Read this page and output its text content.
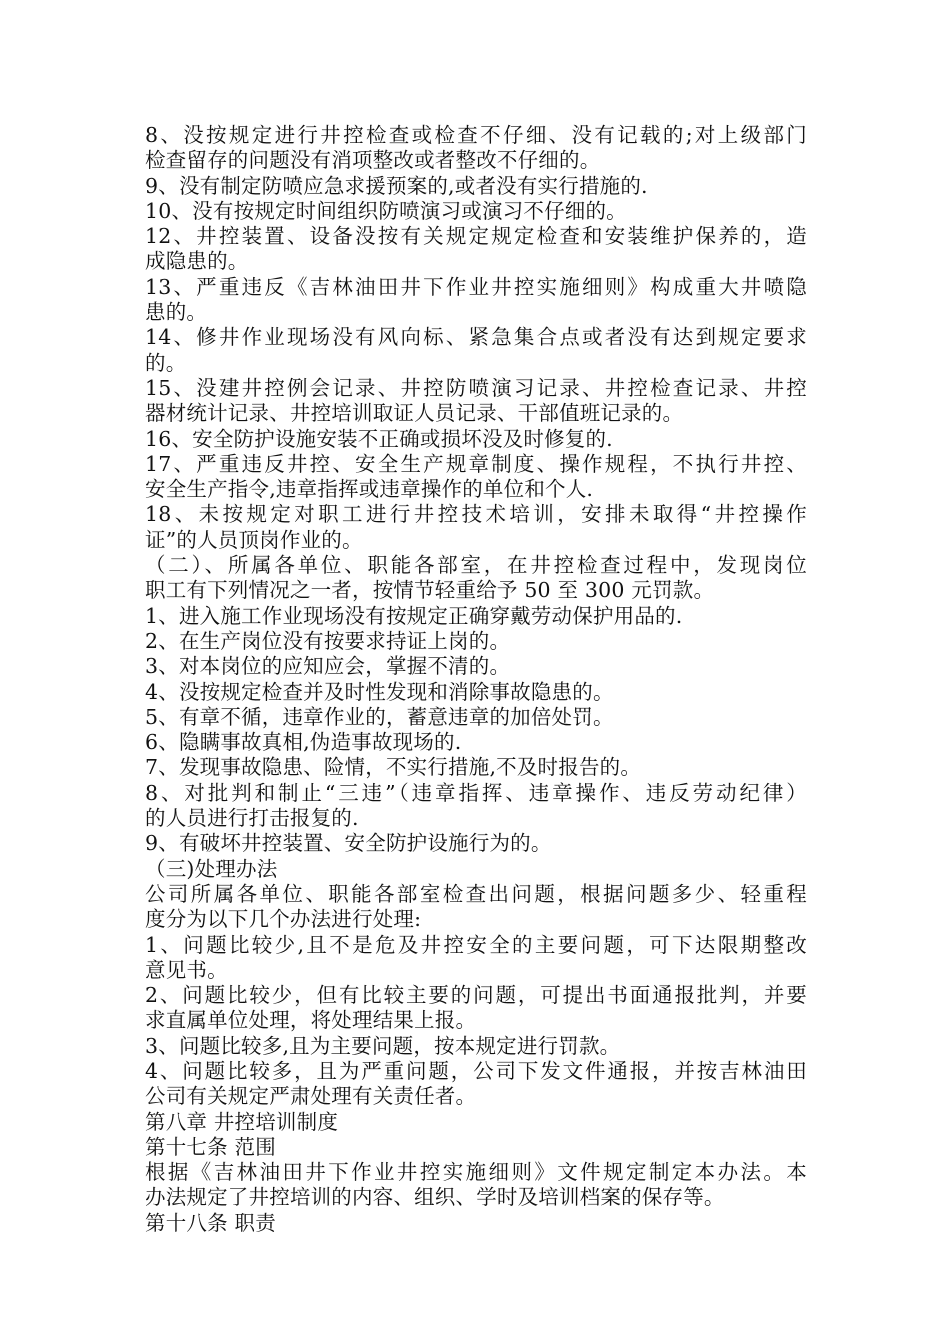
8、没按规定进行井控检查或检查不仔细、没有记载的;对上级部门
检查留存的问题没有消项整改或者整改不仔细的。
9、没有制定防喷应急求援预案的,或者没有实行措施的.
10、没有按规定时间组织防喷演习或演习不仔细的。
12、井控装置、设备没按有关规定规定检查和安装维护保养的，造
成隐患的。
13、严重违反《吉林油田井下作业井控实施细则》构成重大井喷隐
患的。
14、修井作业现场没有风向标、紧急集合点或者没有达到规定要求
的。
15、没建井控例会记录、井控防喷演习记录、井控检查记录、井控
器材统计记录、井控培训取证人员记录、干部值班记录的。
16、安全防护设施安装不正确或损坏没及时修复的.
17、严重违反井控、安全生产规章制度、操作规程，不执行井控、
安全生产指令,违章指挥或违章操作的单位和个人.
18、未按规定对职工进行井控技术培训，安排未取得“井控操作
证”的人员顶岗作业的。
（二）、所属各单位、职能各部室，在井控检查过程中，发现岗位
职工有下列情况之一者，按情节轻重给予 50 至 300 元罚款。
1、进入施工作业现场没有按规定正确穿戴劳动保护用品的.
2、在生产岗位没有按要求持证上岗的。
3、对本岗位的应知应会，掌握不清的。
4、没按规定检查并及时性发现和消除事故隐患的。
5、有章不循，违章作业的，蓄意违章的加倍处罚。
6、隐瞒事故真相,伪造事故现场的.
7、发现事故隐患、险情，不实行措施,不及时报告的。
8、对批判和制止“三违”（违章指挥、违章操作、违反劳动纪律）
的人员进行打击报复的.
9、有破坏井控装置、安全防护设施行为的。
（三)处理办法
公司所属各单位、职能各部室检查出问题，根据问题多少、轻重程
度分为以下几个办法进行处理:
1、问题比较少,且不是危及井控安全的主要问题，可下达限期整改
意见书。
2、问题比较少，但有比较主要的问题，可提出书面通报批判，并要
求直属单位处理，将处理结果上报。
3、问题比较多,且为主要问题，按本规定进行罚款。
4、问题比较多，且为严重问题，公司下发文件通报，并按吉林油田
公司有关规定严肃处理有关责任者。
第八章 井控培训制度
第十七条 范围
根据《吉林油田井下作业井控实施细则》文件规定制定本办法。本
办法规定了井控培训的内容、组织、学时及培训档案的保存等。
第十八条 职责
